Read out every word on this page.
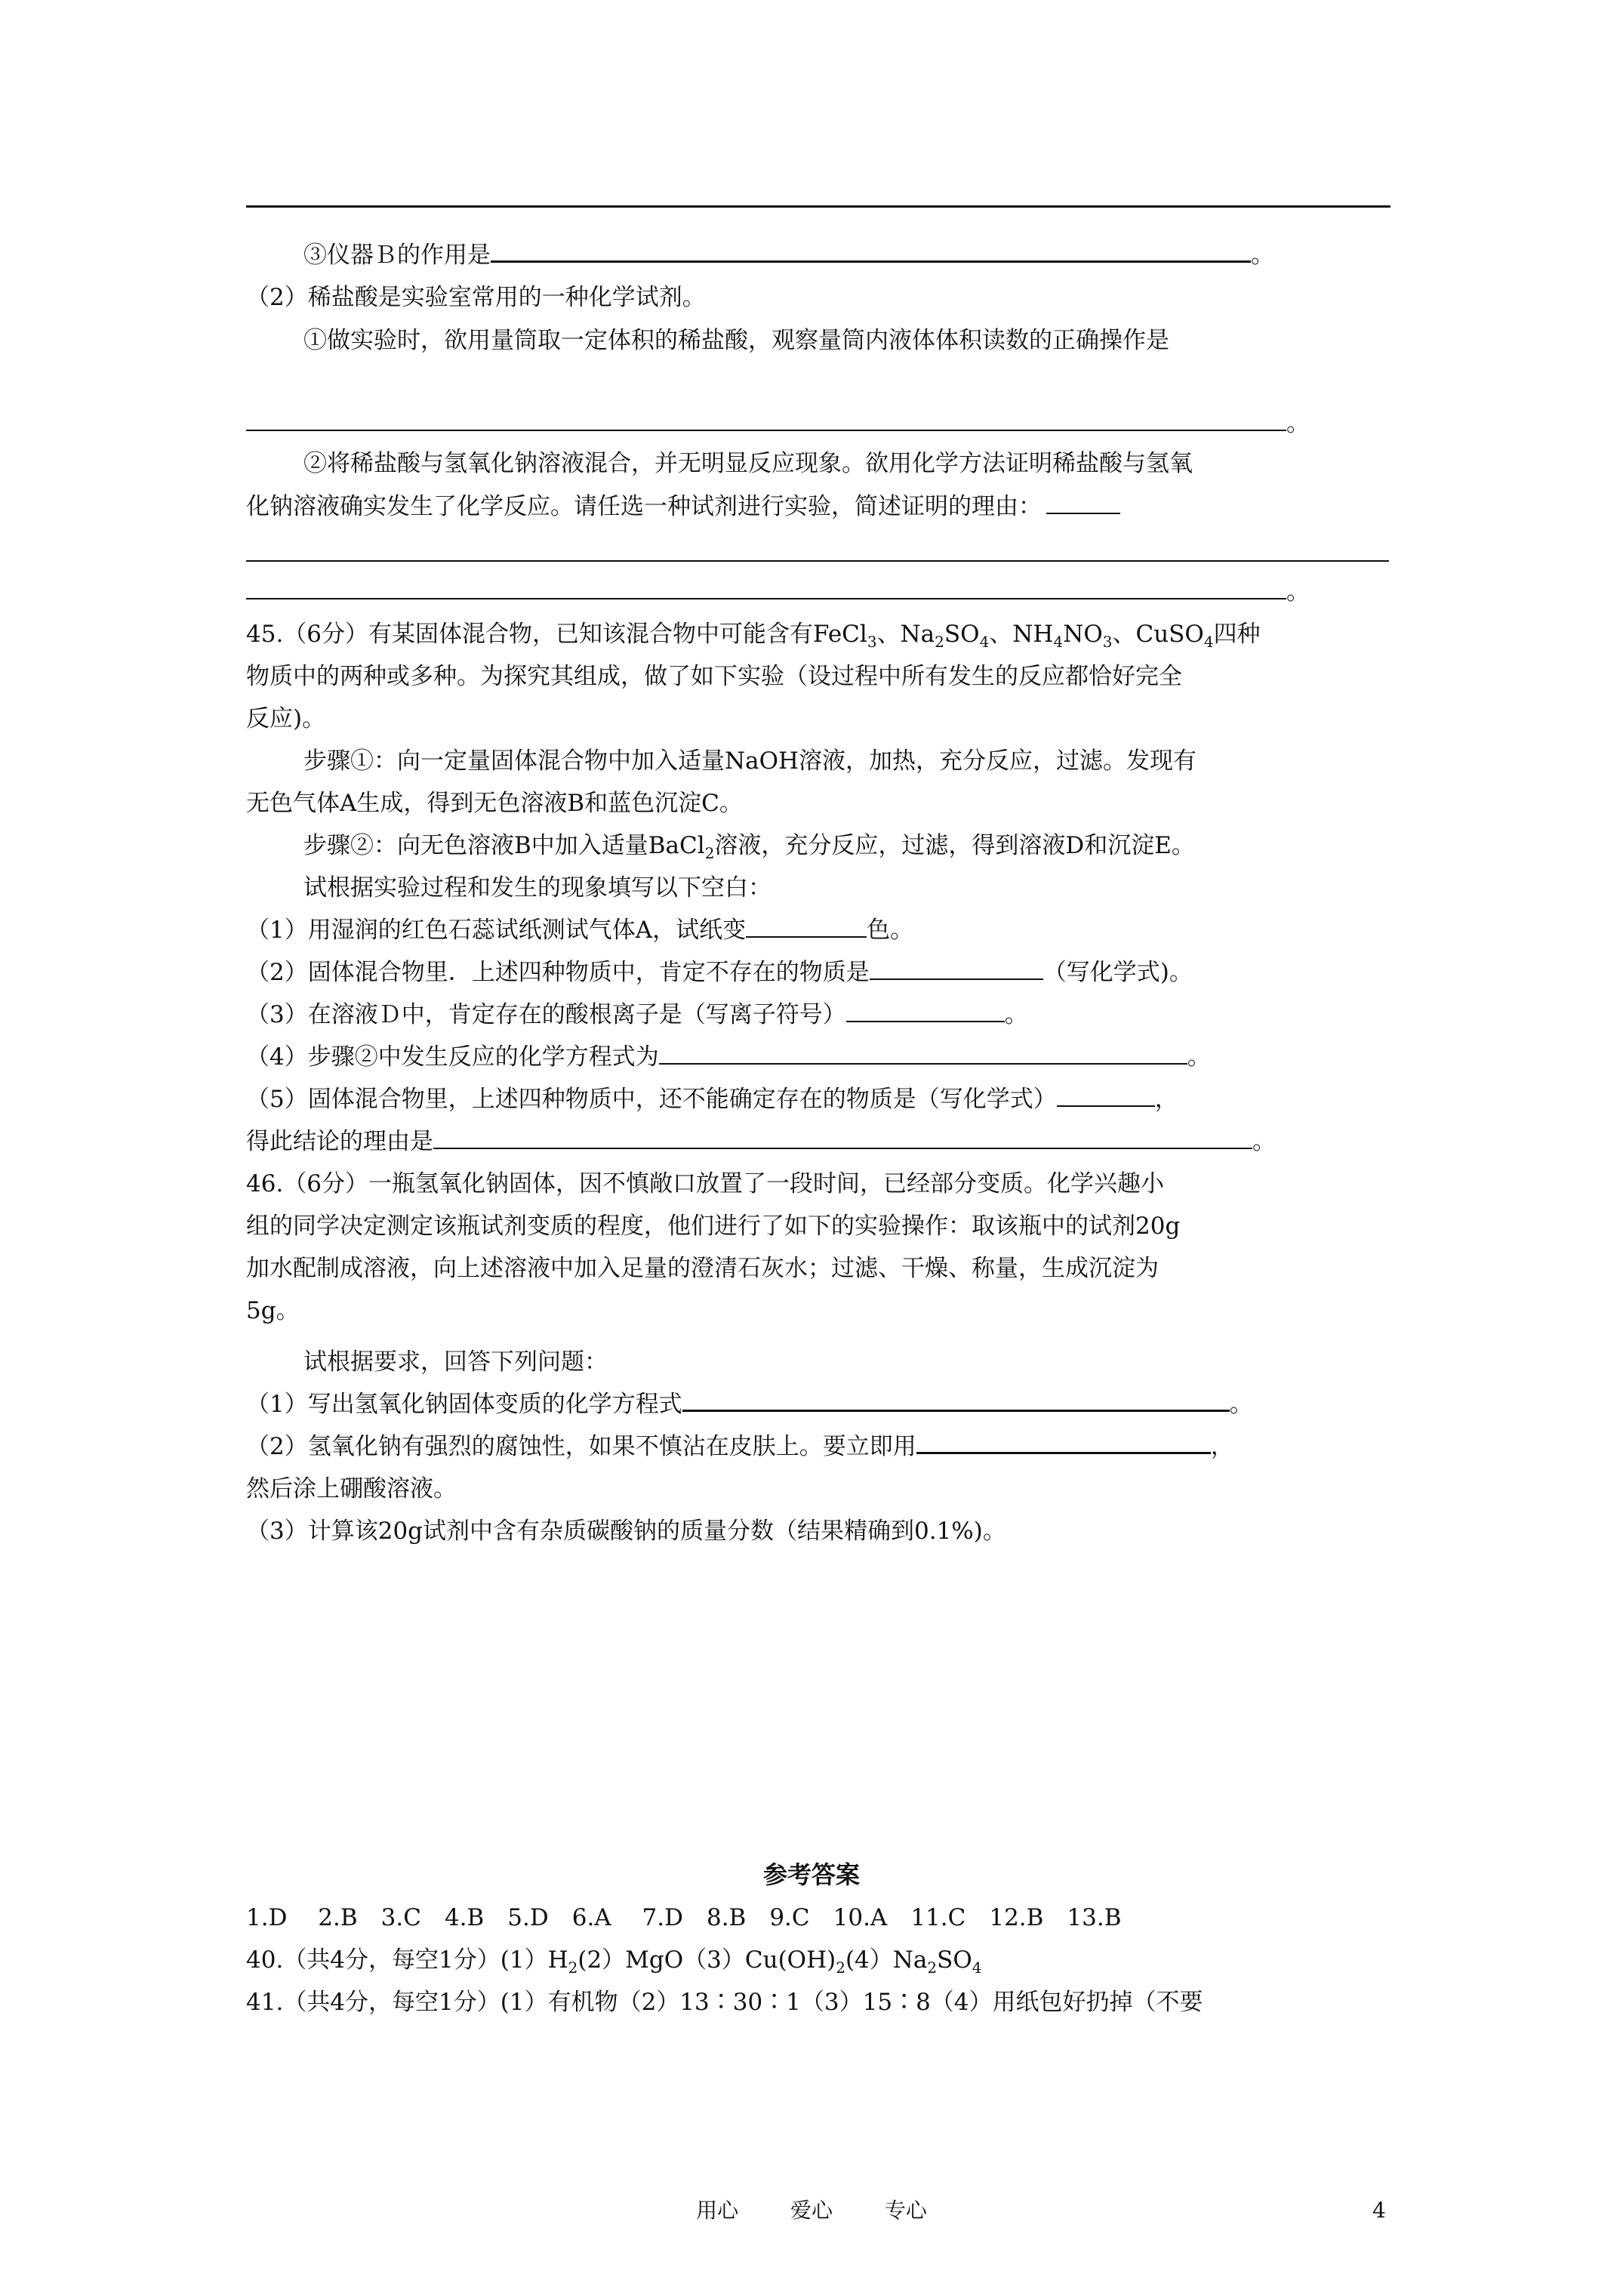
③仪器Ｂ的作用是	。
（2）稀盐酸是实验室常用的一种化学试剂。
①做实验时，欲用量筒取一定体积的稀盐酸，观察量筒内液体体积读数的正确操作是
。
②将稀盐酸与氢氧化钠溶液混合，并无明显反应现象。欲用化学方法证明稀盐酸与氢氧
化钠溶液确实发生了化学反应。请任选一种试剂进行实验，简述证明的理由：
。
45.（6分）有某固体混合物，已知该混合物中可能含有FeCl$_3$、$Na_2SO_4$、$NH_4NO_3$、CuSO$_4$四种
物质中的两种或多种。为探究其组成，做了如下实验（设过程中所有发生的反应都恰好完全
反应)。
步骤①：向一定量固体混合物中加入适量NaOH溶液，加热，充分反应，过滤。发现有
无色气体A生成，得到无色溶液B和蓝色沉淀C。
步骤②：向无色溶液B中加入适量BaCl$_2$溶液，充分反应，过滤，得到溶液D和沉淀E。
试根据实验过程和发生的现象填写以下空白：
（1）用湿润的红色石蕊试纸测试气体A，试纸变	色。
（2）固体混合物里．上述四种物质中，肯定不存在的物质是	（写化学式)。
（3）在溶液Ｄ中，肯定存在的酸根离子是（写离子符号）	。
（4）步骤②中发生反应的化学方程式为	。
（5）固体混合物里，上述四种物质中，还不能确定存在的物质是（写化学式）	，
得此结论的理由是	。
46.（6分）一瓶氢氧化钠固体，因不慎敞口放置了一段时间，已经部分变质。化学兴趣小
组的同学决定测定该瓶试剂变质的程度，他们进行了如下的实验操作：取该瓶中的试剂20g
加水配制成溶液，向上述溶液中加入足量的澄清石灰水；过滤、干燥、称量，生成沉淀为
5g。
试根据要求，回答下列问题：
（1）写出氢氧化钠固体变质的化学方程式	。
（2）氢氧化钠有强烈的腐蚀性，如果不慎沾在皮肤上。要立即用	，
然后涂上硼酸溶液。
（3）计算该20g试剂中含有杂质碳酸钠的质量分数（结果精确到0.1%)。
参考答案
1.D　 2.B　3.C　4.B　5.D　6.A　 7.D　8.B　9.C　10.A　11.C　12.B　13.B
40.（共4分，每空1分）$(1)H_2(2)MgO(3)Cu(OH)_2(4)Na_2SO_4$
41.（共4分，每空1分）(1）有机物（2）13∶30∶1（3）15∶8（4）用纸包好扔掉（不要
用心 爱心 专心	4
